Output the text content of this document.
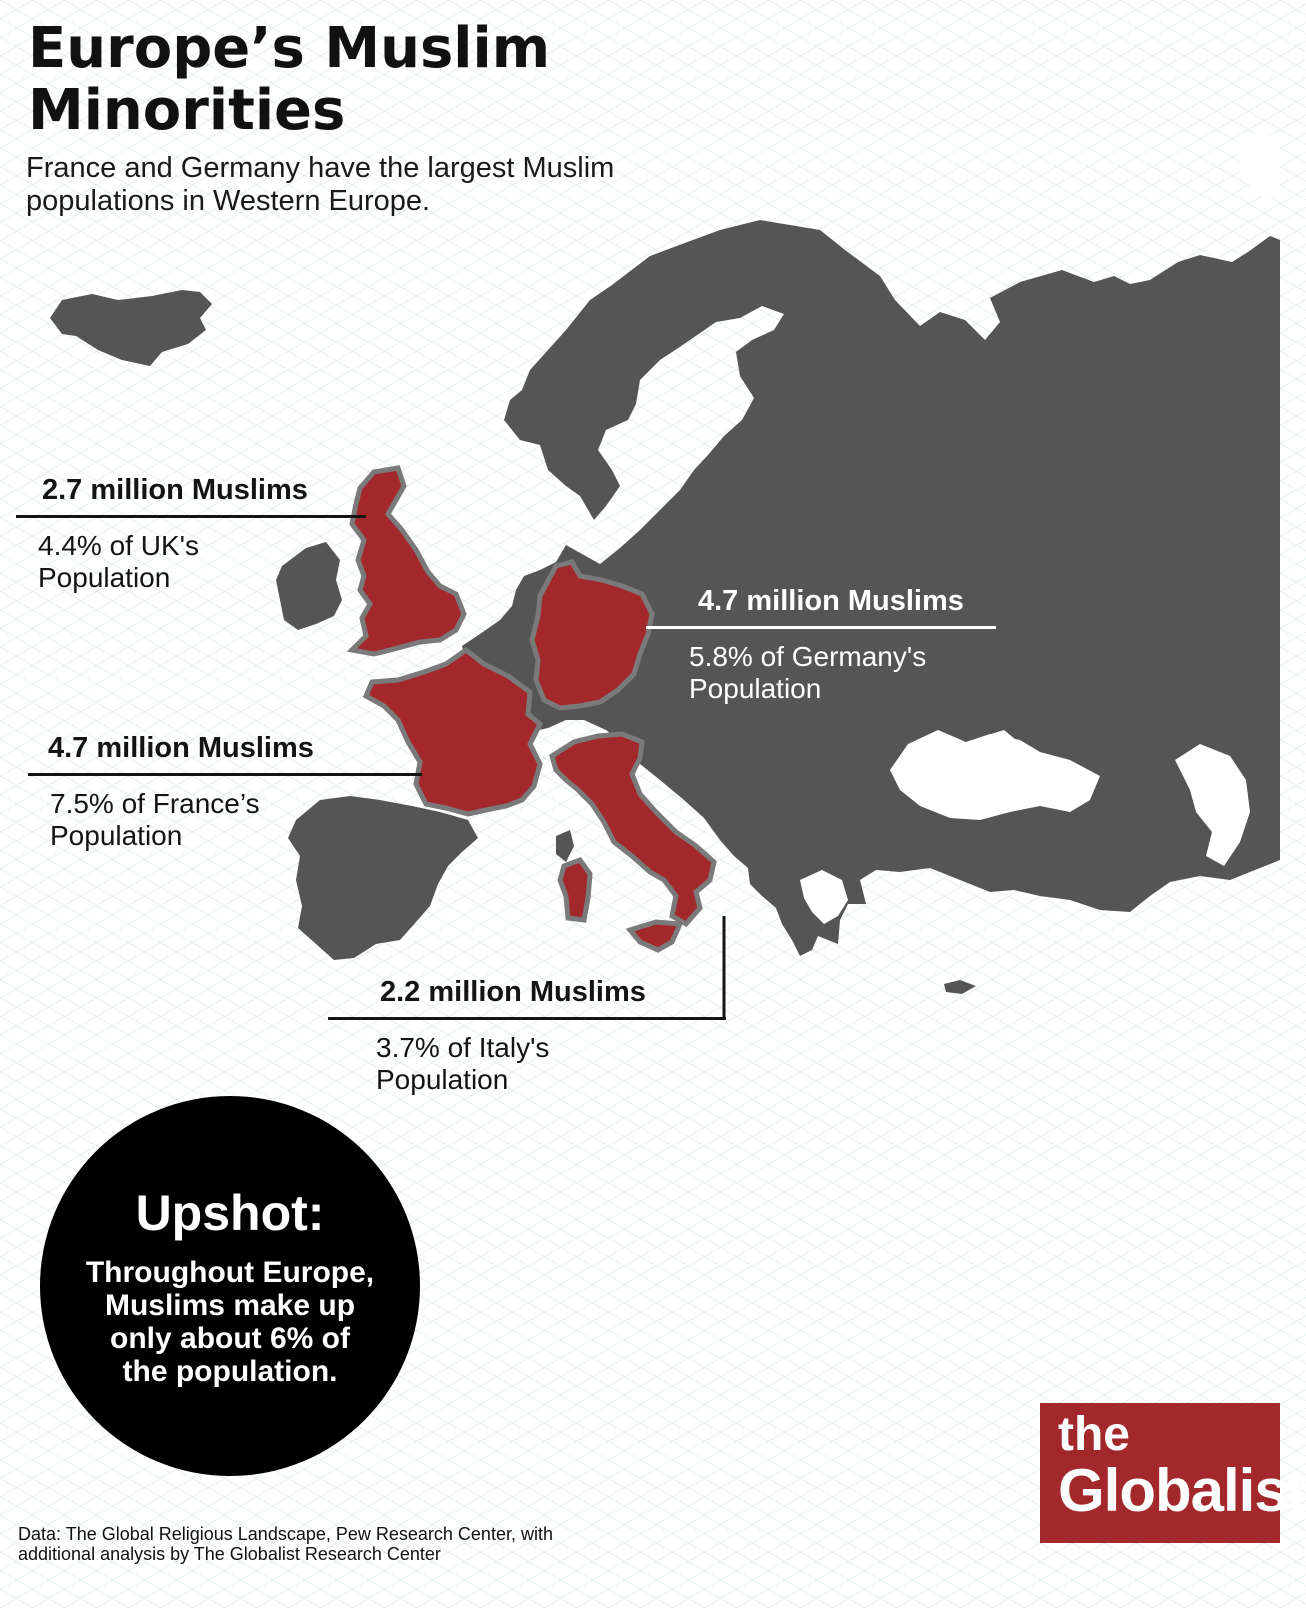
Europe’s Muslim Minorities
France and Germany have the largest Muslim populations in Western Europe.
2.7 million Muslims
4.4% of UK's Population
4.7 million Muslims
5.8% of Germany's Population
4.7 million Muslims
7.5% of France’s Population
2.2 million Muslims
3.7% of Italy's Population
Upshot:
Throughout Europe, Muslims make up only about 6% of the population.
the
Globalist
Data: The Global Religious Landscape, Pew Research Center, with additional analysis by The Globalist Research Center
